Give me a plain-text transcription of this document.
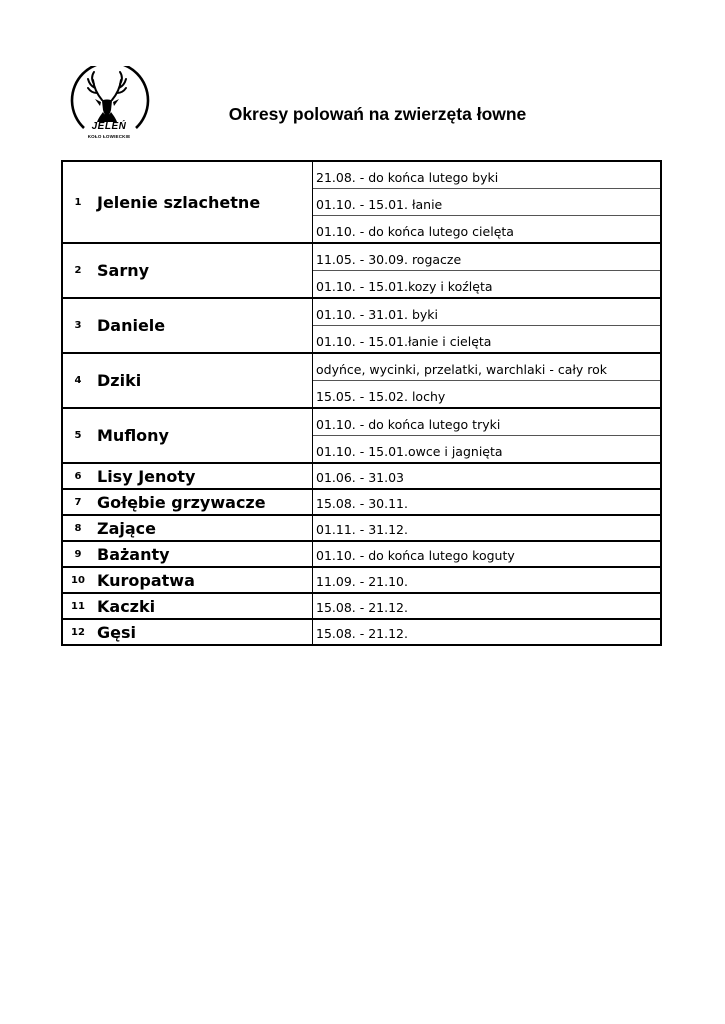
JELEŃ
KOŁO ŁOWIECKIE
Okresy polowań na zwierzęta łowne
1	Jelenie szlachetne	21.08. - do końca lutego byki
		01.10. - 15.01. łanie
		01.10. - do końca lutego cielęta
2	Sarny	11.05. - 30.09. rogacze
		01.10. - 15.01.kozy i koźlęta
3	Daniele	01.10. - 31.01. byki
		01.10. - 15.01.łanie i cielęta
4	Dziki	odyńce, wycinki, przelatki, warchlaki - cały rok
		15.05. - 15.02. lochy
5	Muflony	01.10. - do końca lutego tryki
		01.10. - 15.01.owce i jagnięta
6	Lisy Jenoty	01.06. - 31.03
7	Gołębie grzywacze	15.08. - 30.11.
8	Zające	01.11. - 31.12.
9	Bażanty	01.10. - do końca lutego koguty
10	Kuropatwa	11.09. - 21.10.
11	Kaczki	15.08. - 21.12.
12	Gęsi	15.08. - 21.12.
